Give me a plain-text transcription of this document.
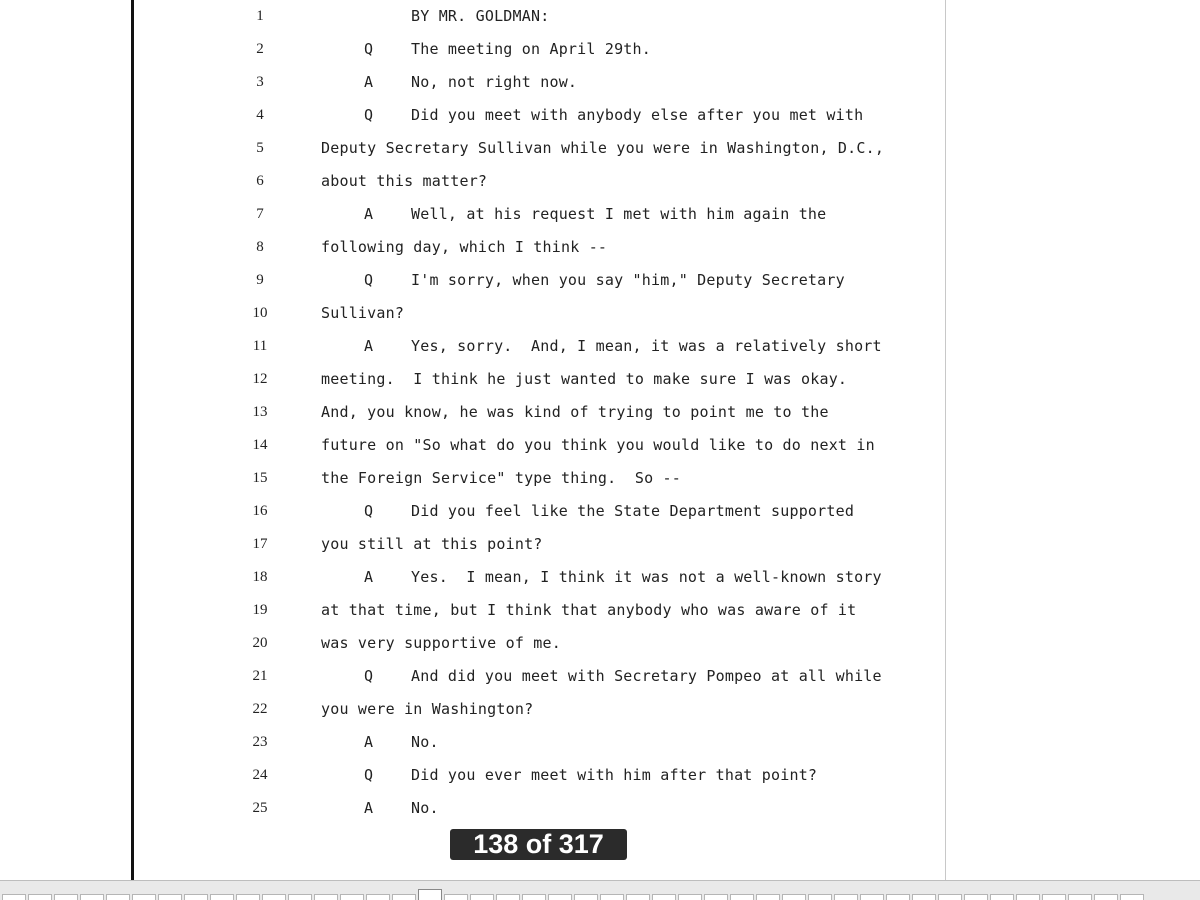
1	BY MR. GOLDMAN:
2	Q	The meeting on April 29th.
3	A	No, not right now.
4	Q	Did you meet with anybody else after you met with
5	Deputy Secretary Sullivan while you were in Washington, D.C.,
6	about this matter?
7	A	Well, at his request I met with him again the
8	following day, which I think --
9	Q	I'm sorry, when you say "him," Deputy Secretary
10	Sullivan?
11	A	Yes, sorry.  And, I mean, it was a relatively short
12	meeting.  I think he just wanted to make sure I was okay.
13	And, you know, he was kind of trying to point me to the
14	future on "So what do you think you would like to do next in
15	the Foreign Service" type thing.  So --
16	Q	Did you feel like the State Department supported
17	you still at this point?
18	A	Yes.  I mean, I think it was not a well-known story
19	at that time, but I think that anybody who was aware of it
20	was very supportive of me.
21	Q	And did you meet with Secretary Pompeo at all while
22	you were in Washington?
23	A	No.
24	Q	Did you ever meet with him after that point?
25	A	No.
138 of 317
